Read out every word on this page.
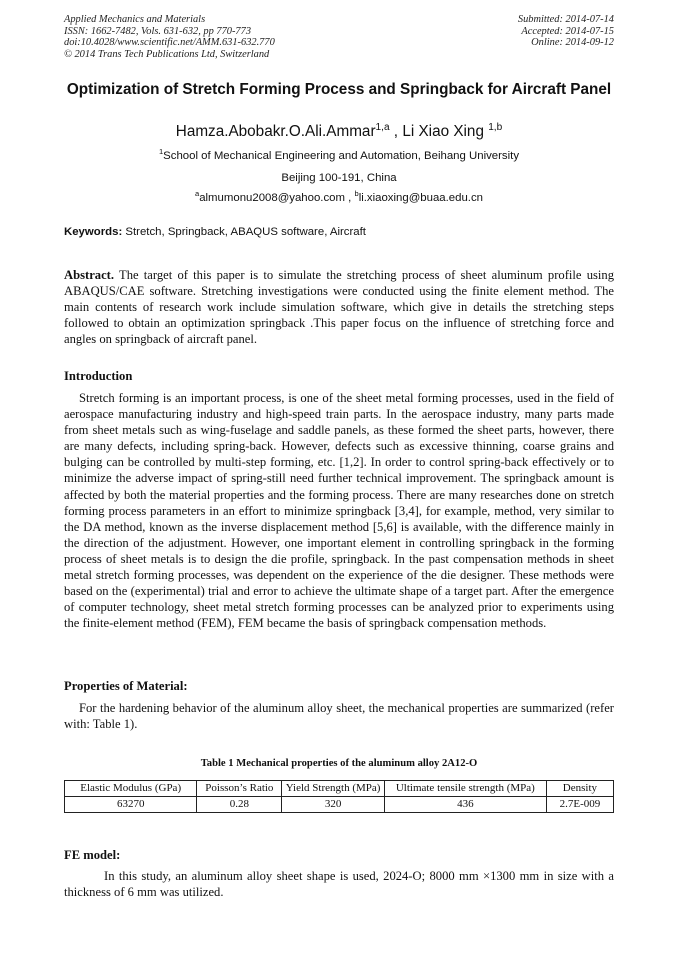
Applied Mechanics and Materials
ISSN: 1662-7482, Vols. 631-632, pp 770-773
doi:10.4028/www.scientific.net/AMM.631-632.770
© 2014 Trans Tech Publications Ltd, Switzerland
Submitted: 2014-07-14
Accepted: 2014-07-15
Online: 2014-09-12
Optimization of Stretch Forming Process and Springback for Aircraft Panel
Hamza.Abobakr.O.Ali.Ammar$^{1,a}$ , Li Xiao Xing $^{1,b}$
$^1$School of Mechanical Engineering and Automation, Beihang University
Beijing 100-191, China
$^a$almumonu2008@yahoo.com , $^b$li.xiaoxing@buaa.edu.cn
Keywords: Stretch, Springback, ABAQUS software, Aircraft
Abstract. The target of this paper is to simulate the stretching process of sheet aluminum profile using ABAQUS/CAE software. Stretching investigations were conducted using the finite element method. The main contents of research work include simulation software, which give in details the stretching steps followed to obtain an optimization springback .This paper focus on the influence of stretching force and angles on springback of aircraft panel.
Introduction
Stretch forming is an important process, is one of the sheet metal forming processes, used in the field of aerospace manufacturing industry and high-speed train parts. In the aerospace industry, many parts made from sheet metals such as wing-fuselage and saddle panels, as these formed the sheet parts, however, there are many defects, including spring-back. However, defects such as excessive thinning, coarse grains and bulging can be controlled by multi-step forming, etc. [1,2]. In order to control spring-back effectively or to minimize the adverse impact of spring-still need further technical improvement. The springback amount is affected by both the material properties and the forming process. There are many researches done on stretch forming process parameters in an effort to minimize springback [3,4], for example, method, very similar to the DA method, known as the inverse displacement method [5,6] is available, with the difference mainly in the direction of the adjustment. However, one important element in controlling springback in the forming process of sheet metals is to design the die profile, springback. In the past compensation methods in sheet metal stretch forming processes, was dependent on the experience of the die designer. These methods were based on the (experimental) trial and error to achieve the ultimate shape of a target part. After the emergence of computer technology, sheet metal stretch forming processes can be analyzed prior to experiments using the finite-element method (FEM), FEM became the basis of springback compensation methods.
Properties of Material:
For the hardening behavior of the aluminum alloy sheet, the mechanical properties are summarized (refer with: Table 1).
Table 1 Mechanical properties of the aluminum alloy 2A12-O
Elastic Modulus (GPa)	Poisson’s Ratio	Yield Strength (MPa)	Ultimate tensile strength (MPa)	Density
63270	0.28	320	436	2.7E-009
FE model:
In this study, an aluminum alloy sheet shape is used, 2024-O; 8000 mm ×1300 mm in size with a thickness of 6 mm was utilized.
